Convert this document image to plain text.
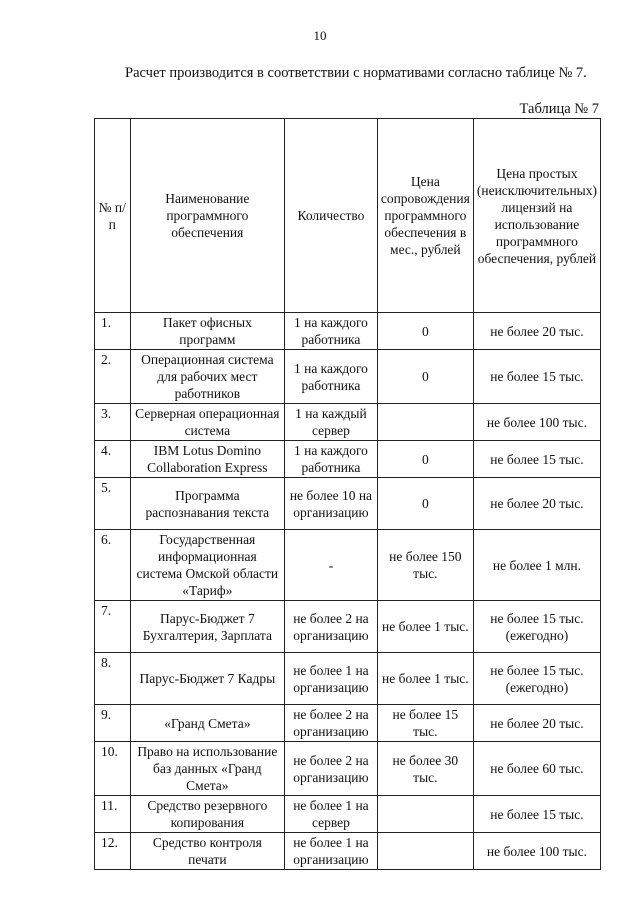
10
Расчет производится в соответствии с нормативами согласно таблице № 7.
Таблица № 7
№ п/п	Наименование программного обеспечения	Количество	Цена сопровождения программного обеспечения в мес., рублей	Цена простых (неисключительных) лицензий на использование программного обеспечения, рублей
1.	Пакет офисных программ	1 на каждого работника	0	не более 20 тыс.
2.	Операционная система для рабочих мест работников	1 на каждого работника	0	не более 15 тыс.
3.	Серверная операционная система	1 на каждый сервер		не более 100 тыс.
4.	IBM Lotus Domino Collaboration Express	1 на каждого работника	0	не более 15 тыс.
5.	Программа распознавания текста	не более 10 на организацию	0	не более 20 тыс.
6.	Государственная информационная система Омской области «Тариф»	-	не более 150 тыс.	не более 1 млн.
7.	Парус-Бюджет 7 Бухгалтерия, Зарплата	не более 2 на организацию	не более 1 тыс.	не более 15 тыс. (ежегодно)
8.	Парус-Бюджет 7 Кадры	не более 1 на организацию	не более 1 тыс.	не более 15 тыс. (ежегодно)
9.	«Гранд Смета»	не более 2 на организацию	не более 15 тыс.	не более 20 тыс.
10.	Право на использование баз данных «Гранд Смета»	не более 2 на организацию	не более 30 тыс.	не более 60 тыс.
11.	Средство резервного копирования	не более 1 на сервер		не более 15 тыс.
12.	Средство контроля печати	не более 1 на организацию		не более 100 тыс.
